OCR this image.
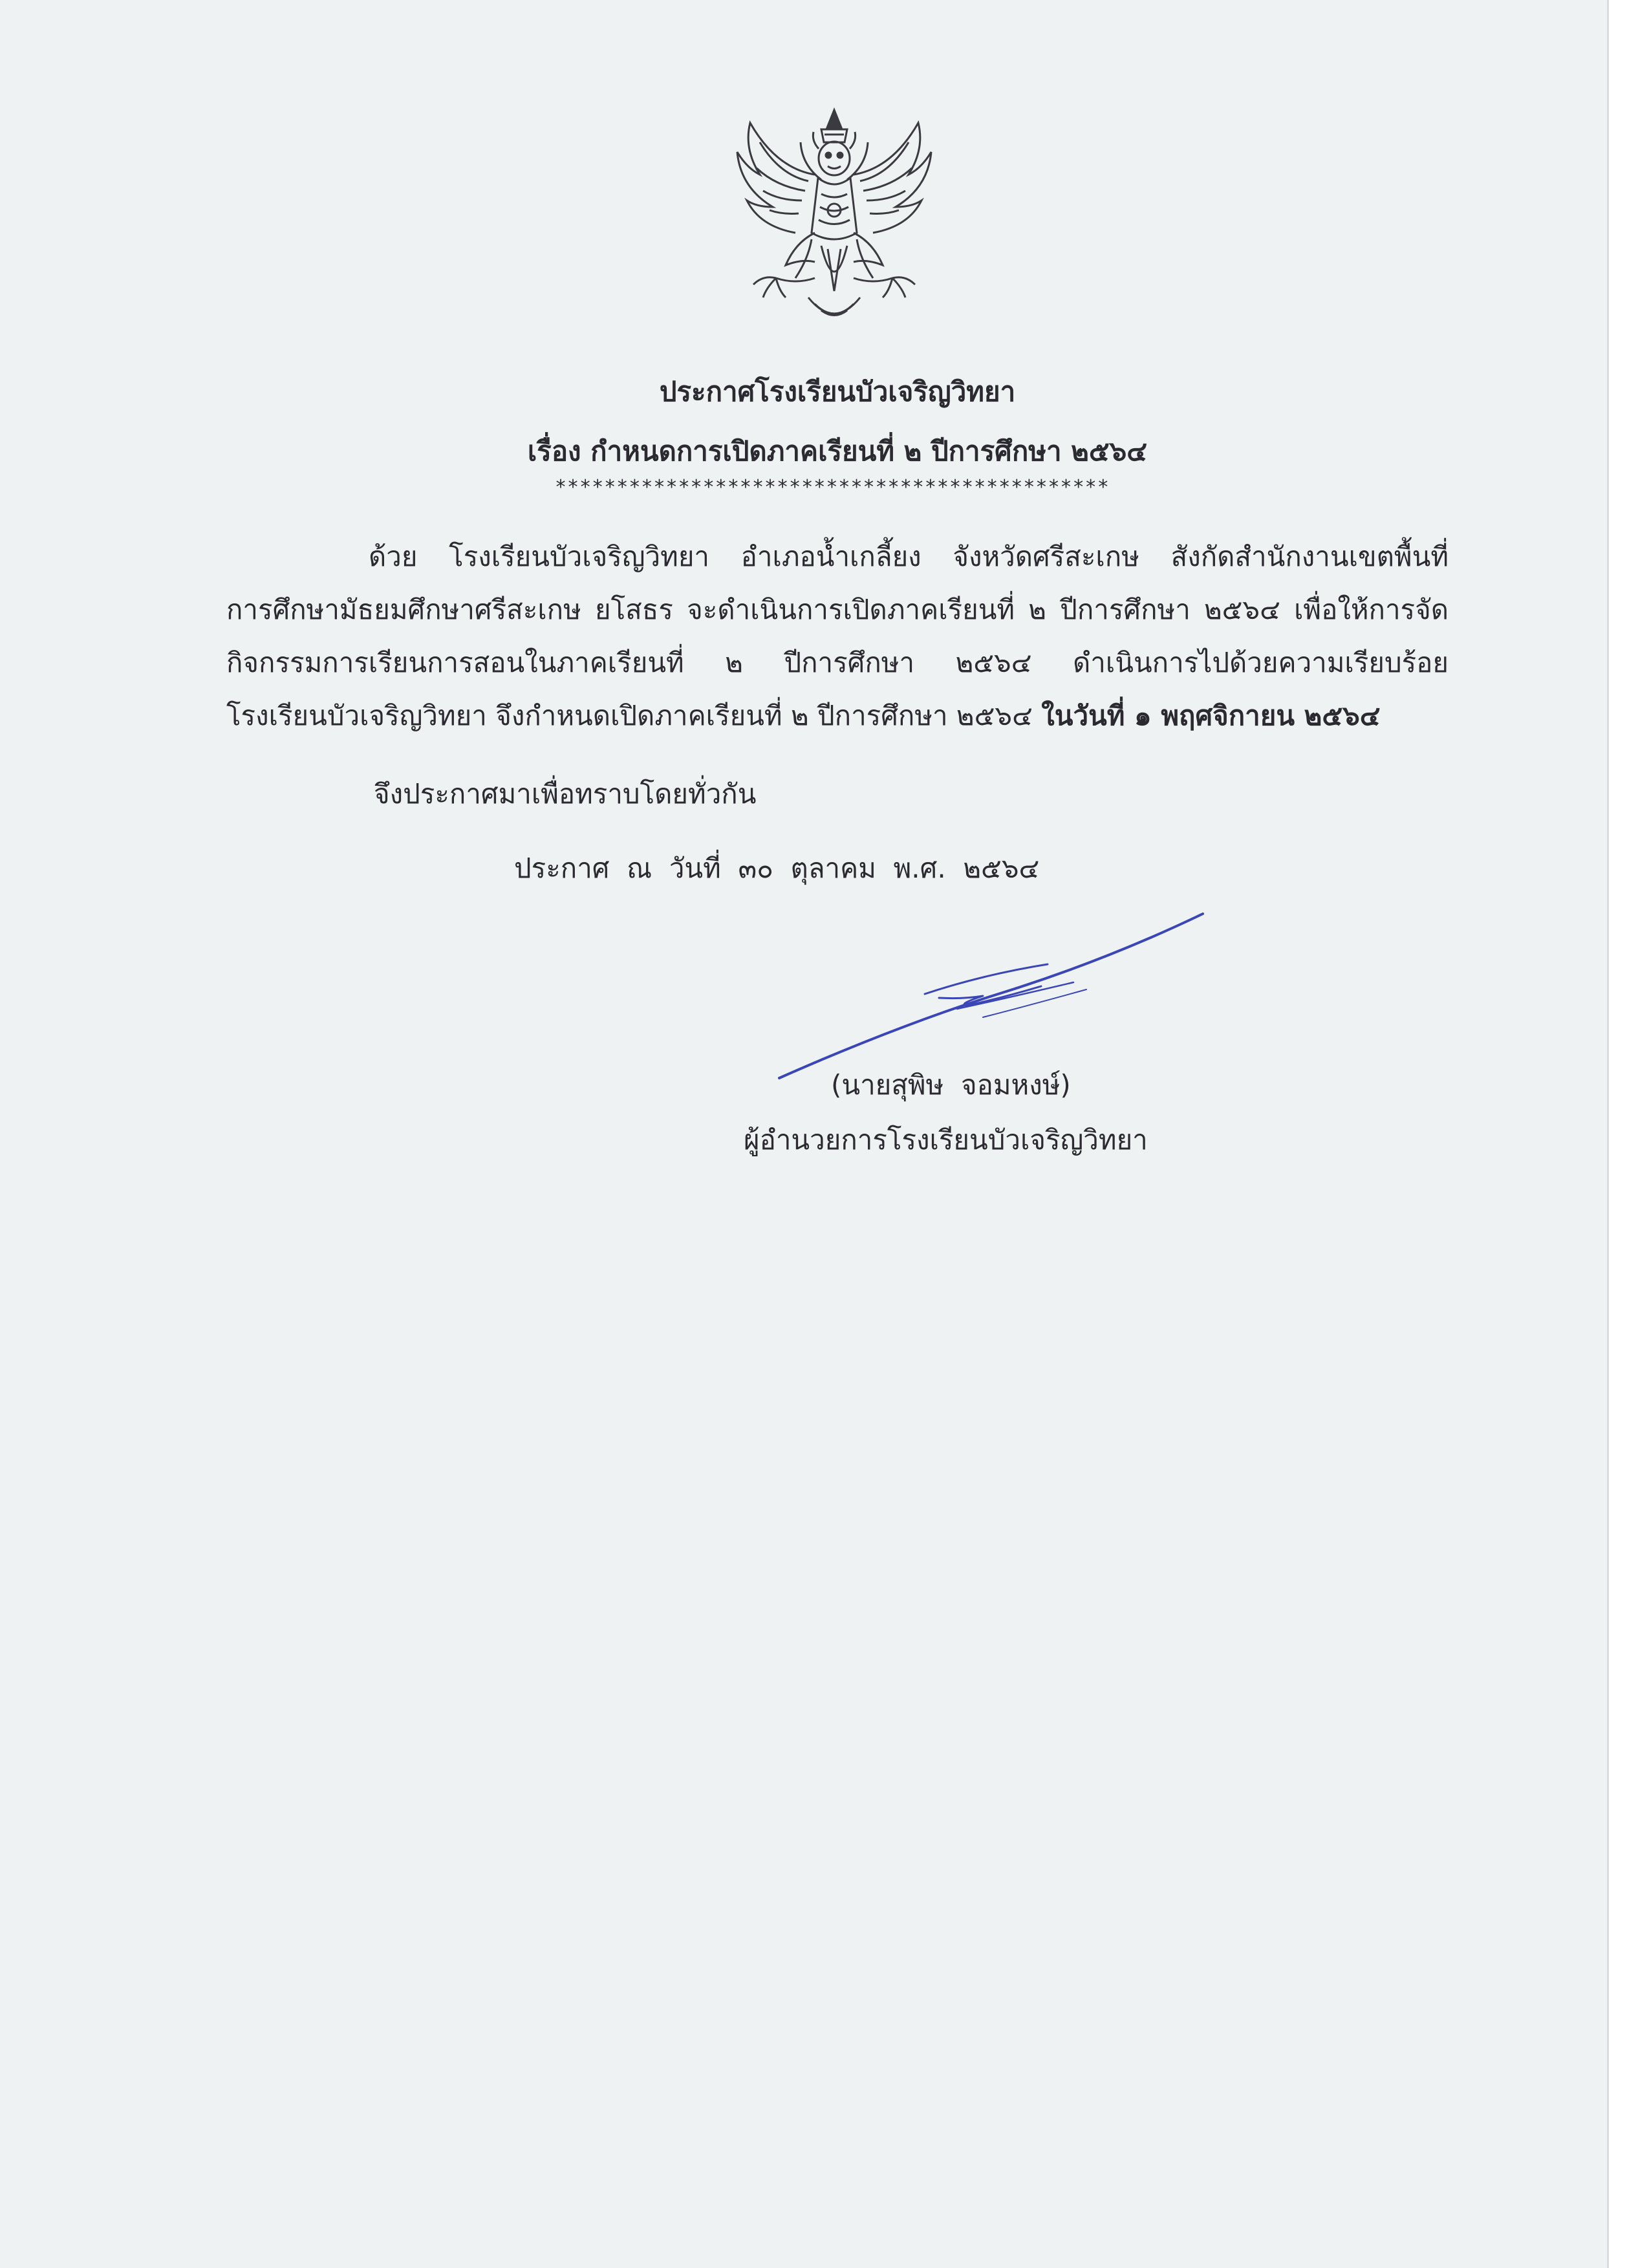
ประกาศโรงเรียนบัวเจริญวิทยา
เรื่อง กำหนดการเปิดภาคเรียนที่ ๒ ปีการศึกษา ๒๕๖๔
*********************************************
ด้วย โรงเรียนบัวเจริญวิทยา อำเภอน้ำเกลี้ยง จังหวัดศรีสะเกษ สังกัดสำนักงานเขตพื้นที่
การศึกษามัธยมศึกษาศรีสะเกษ ยโสธร จะดำเนินการเปิดภาคเรียนที่ ๒ ปีการศึกษา ๒๕๖๔ เพื่อให้การจัด
กิจกรรมการเรียนการสอนในภาคเรียนที่ ๒ ปีการศึกษา ๒๕๖๔ ดำเนินการไปด้วยความเรียบร้อย
โรงเรียนบัวเจริญวิทยา จึงกำหนดเปิดภาคเรียนที่ ๒ ปีการศึกษา ๒๕๖๔ ในวันที่ ๑ พฤศจิกายน ๒๕๖๔
จึงประกาศมาเพื่อทราบโดยทั่วกัน
ประกาศ  ณ  วันที่  ๓๐  ตุลาคม  พ.ศ.  ๒๕๖๔
(นายสุพิษ  จอมหงษ์)
ผู้อำนวยการโรงเรียนบัวเจริญวิทยา
